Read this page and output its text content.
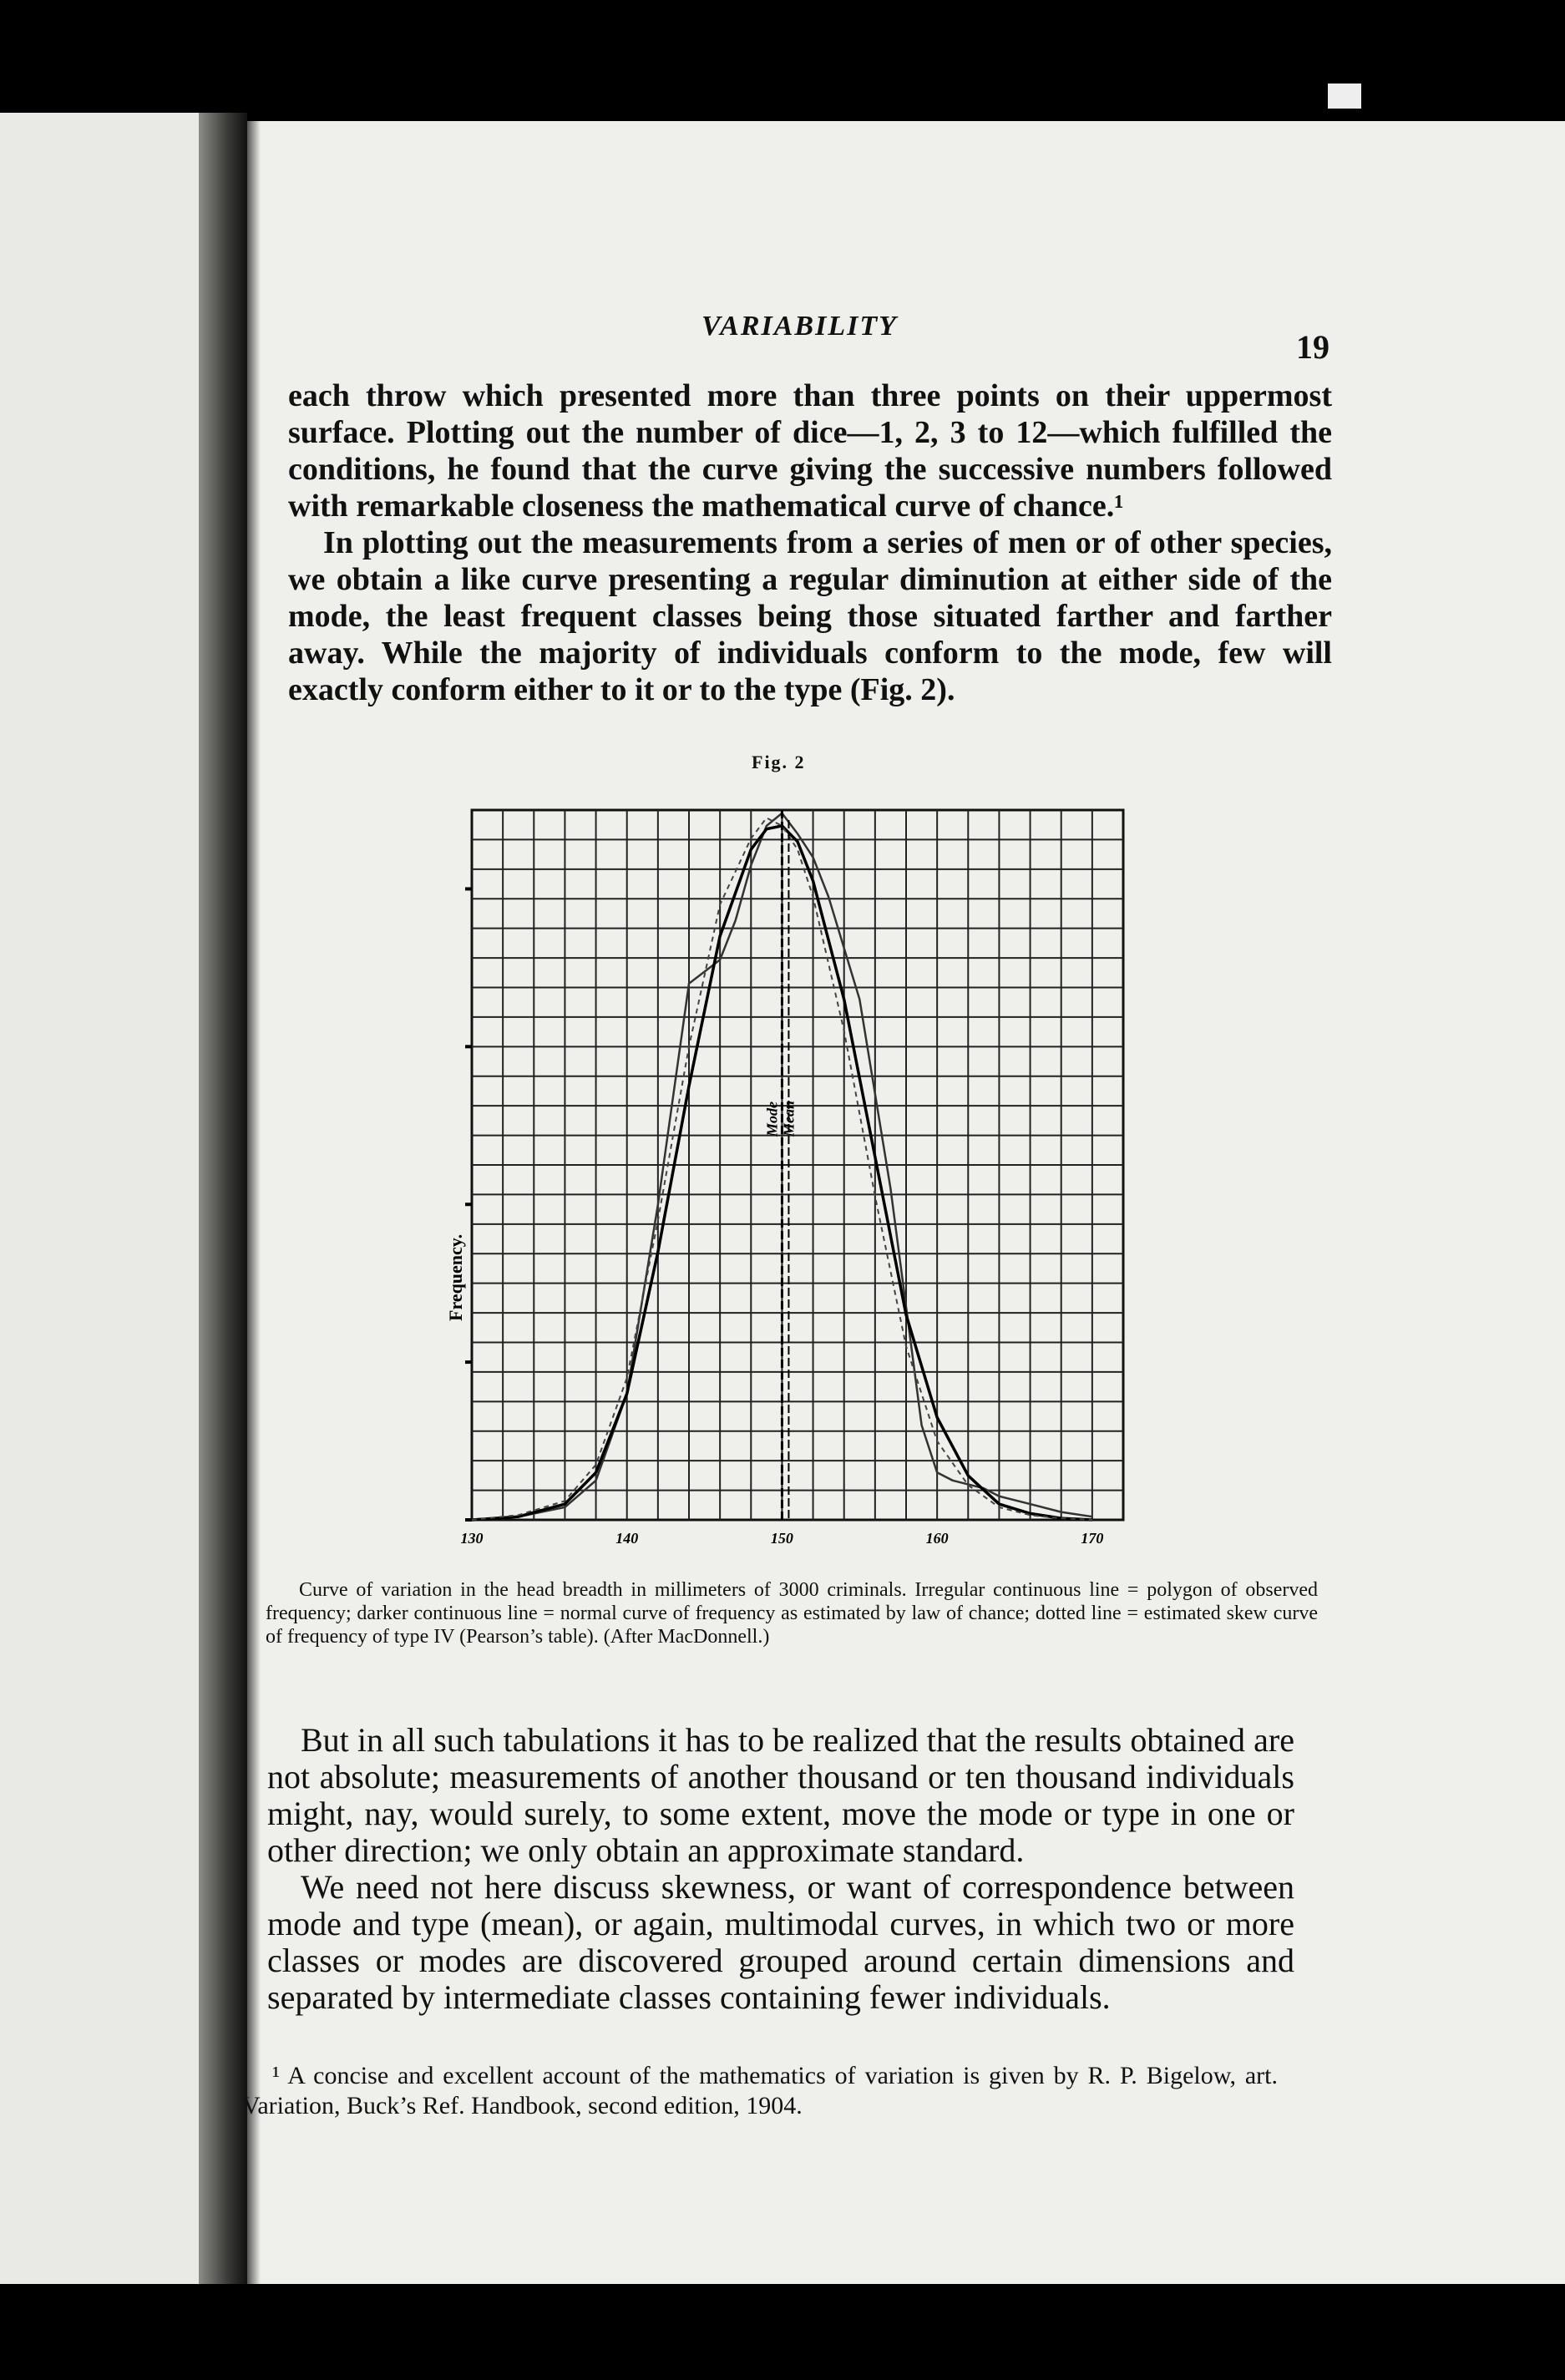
VARIABILITY
19

each throw which presented more than three points on their uppermost surface. Plotting out the number of dice—1, 2, 3 to 12—which fulfilled the conditions, he found that the curve giving the successive numbers followed with remarkable closeness the mathematical curve of chance.¹

In plotting out the measurements from a series of men or of other species, we obtain a like curve presenting a regular diminution at either side of the mode, the least frequent classes being those situated farther and farther away. While the majority of individuals conform to the mode, few will exactly conform either to it or to the type (Fig. 2).

Fig. 2
130	140	150	160	170
Frequency.
Mode Mean

Curve of variation in the head breadth in millimeters of 3000 criminals. Irregular continuous line = polygon of observed frequency; darker continuous line = normal curve of frequency as estimated by law of chance; dotted line = estimated skew curve of frequency of type IV (Pearson’s table). (After MacDonnell.)

But in all such tabulations it has to be realized that the results obtained are not absolute; measurements of another thousand or ten thousand individuals might, nay, would surely, to some extent, move the mode or type in one or other direction; we only obtain an approximate standard.

We need not here discuss skewness, or want of correspondence between mode and type (mean), or again, multimodal curves, in which two or more classes or modes are discovered grouped around certain dimensions and separated by intermediate classes containing fewer individuals.

¹ A concise and excellent account of the mathematics of variation is given by R. P. Bigelow, art. Variation, Buck’s Ref. Handbook, second edition, 1904.
